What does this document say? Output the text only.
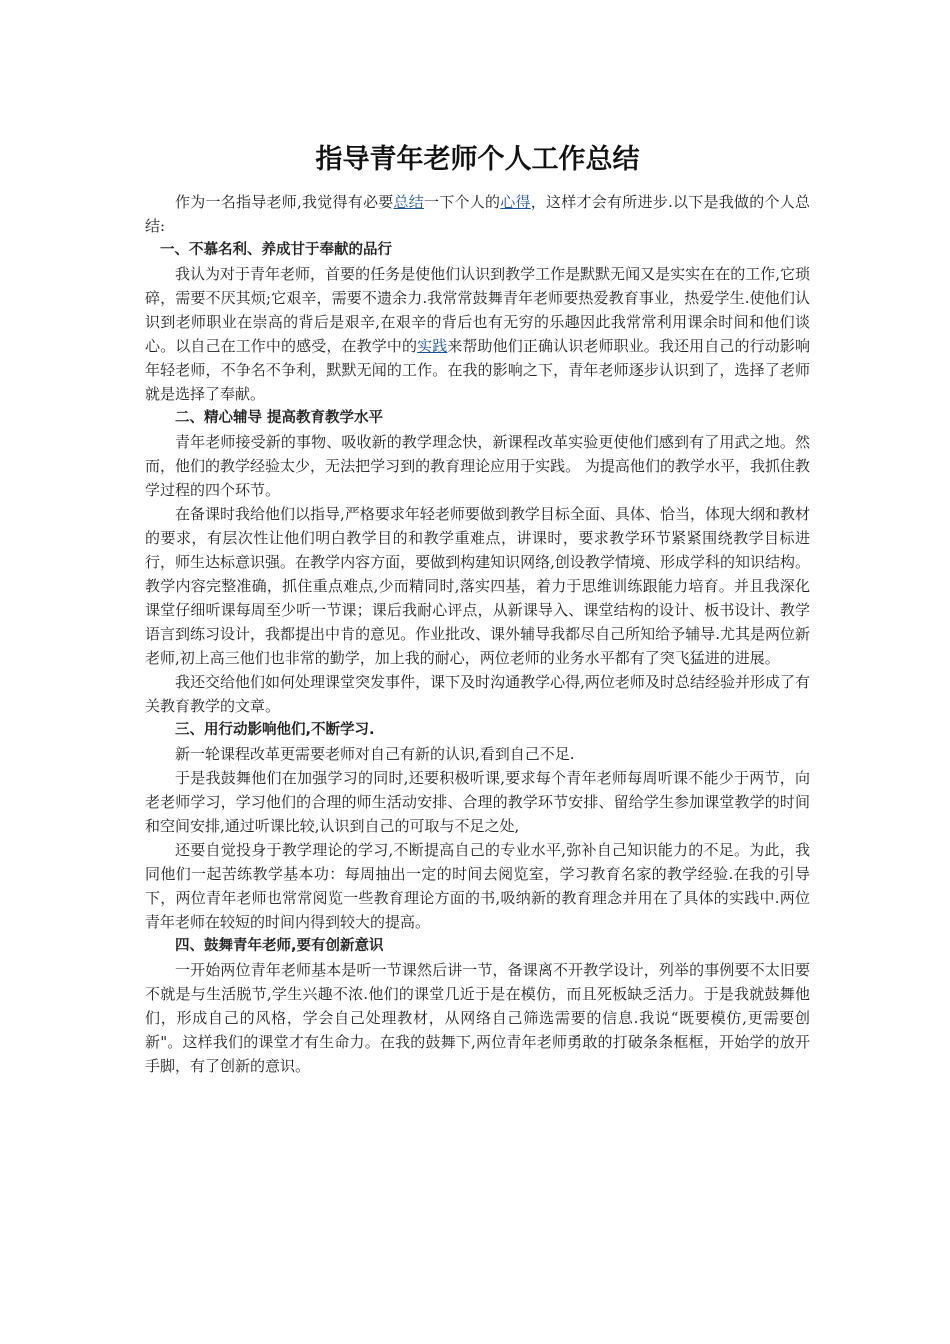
指导青年老师个人工作总结

作为一名指导老师,我觉得有必要总结一下个人的心得，这样才会有所进步.以下是我做的个人总结:

一、不慕名利、养成甘于奉献的品行

我认为对于青年老师，首要的任务是使他们认识到教学工作是默默无闻又是实实在在的工作,它琐碎，需要不厌其烦;它艰辛，需要不遗余力.我常常鼓舞青年老师要热爱教育事业，热爱学生.使他们认识到老师职业在崇高的背后是艰辛,在艰辛的背后也有无穷的乐趣因此我常常利用课余时间和他们谈心。以自己在工作中的感受，在教学中的实践来帮助他们正确认识老师职业。我还用自己的行动影响年轻老师，不争名不争利，默默无闻的工作。在我的影响之下，青年老师逐步认识到了，选择了老师就是选择了奉献。

二、精心辅导 提高教育教学水平

青年老师接受新的事物、吸收新的教学理念快，新课程改革实验更使他们感到有了用武之地。然而，他们的教学经验太少，无法把学习到的教育理论应用于实践。 为提高他们的教学水平，我抓住教学过程的四个环节。

在备课时我给他们以指导,严格要求年轻老师要做到教学目标全面、具体、恰当，体现大纲和教材的要求，有层次性让他们明白教学目的和教学重难点，讲课时，要求教学环节紧紧围绕教学目标进行，师生达标意识强。在教学内容方面，要做到构建知识网络,创设教学情境、形成学科的知识结构。教学内容完整准确，抓住重点难点,少而精同时,落实四基，着力于思维训练跟能力培育。并且我深化课堂仔细听课每周至少听一节课；课后我耐心评点，从新课导入、课堂结构的设计、板书设计、教学语言到练习设计，我都提出中肯的意见。作业批改、课外辅导我都尽自己所知给予辅导.尤其是两位新老师,初上高三他们也非常的勤学，加上我的耐心，两位老师的业务水平都有了突飞猛进的进展。

我还交给他们如何处理课堂突发事件，课下及时沟通教学心得,两位老师及时总结经验并形成了有关教育教学的文章。

三、用行动影响他们,不断学习.

新一轮课程改革更需要老师对自己有新的认识,看到自己不足.

于是我鼓舞他们在加强学习的同时,还要积极听课,要求每个青年老师每周听课不能少于两节，向老老师学习，学习他们的合理的师生活动安排、合理的教学环节安排、留给学生参加课堂教学的时间和空间安排,通过听课比较,认识到自己的可取与不足之处,

还要自觉投身于教学理论的学习,不断提高自己的专业水平,弥补自己知识能力的不足。为此，我同他们一起苦练教学基本功：每周抽出一定的时间去阅览室，学习教育名家的教学经验.在我的引导下，两位青年老师也常常阅览一些教育理论方面的书,吸纳新的教育理念并用在了具体的实践中.两位青年老师在较短的时间内得到较大的提高。

四、鼓舞青年老师,要有创新意识

一开始两位青年老师基本是听一节课然后讲一节，备课离不开教学设计，列举的事例要不太旧要不就是与生活脱节,学生兴趣不浓.他们的课堂几近于是在模仿，而且死板缺乏活力。于是我就鼓舞他们，形成自己的风格，学会自己处理教材，从网络自己筛选需要的信息.我说“既要模仿,更需要创新"。这样我们的课堂才有生命力。在我的鼓舞下,两位青年老师勇敢的打破条条框框，开始学的放开手脚，有了创新的意识。
